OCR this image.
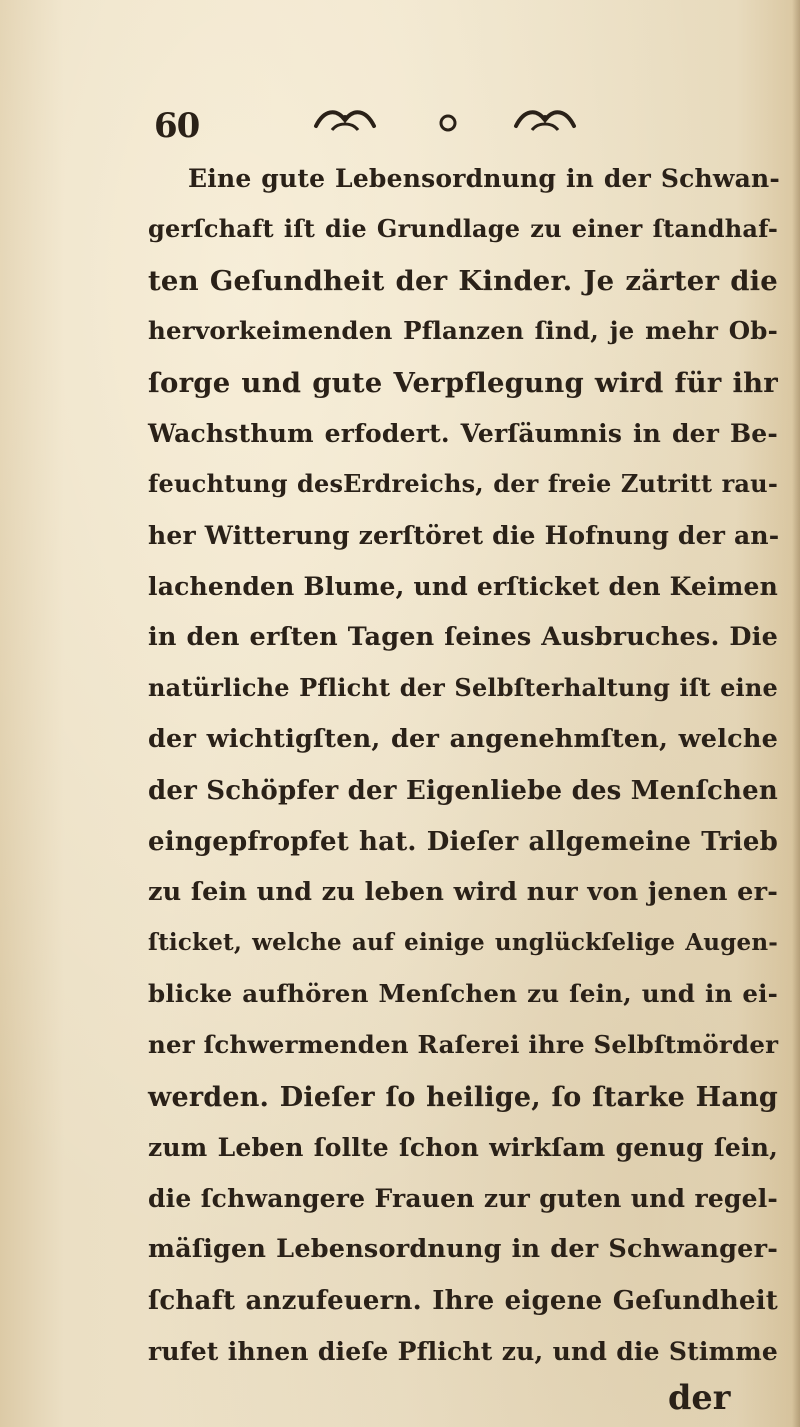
60
Eine gute Lebensordnung in der Schwan-
gerſchaft iſt die Grundlage zu einer ſtandhaf-
ten Geſundheit der Kinder. Je zärter die
hervorkeimenden Pflanzen ſind, je mehr Ob-
ſorge und gute Verpflegung wird für ihr
Wachsthum erfodert. Verſäumnis in der Be-
feuchtung desErdreichs, der freie Zutritt rau-
her Witterung zerſtöret die Hofnung der an-
lachenden Blume, und erſticket den Keimen
in den erſten Tagen ſeines Ausbruches. Die
natürliche Pflicht der Selbſterhaltung iſt eine
der wichtigſten, der angenehmſten, welche
der Schöpfer der Eigenliebe des Menſchen
eingepfropfet hat. Dieſer allgemeine Trieb
zu ſein und zu leben wird nur von jenen er-
ſticket, welche auf einige unglückſelige Augen-
blicke aufhören Menſchen zu ſein, und in ei-
ner ſchwermenden Raſerei ihre Selbſtmörder
werden. Dieſer ſo heilige, ſo ſtarke Hang
zum Leben ſollte ſchon wirkſam genug ſein,
die ſchwangere Frauen zur guten und regel-
mäſigen Lebensordnung in der Schwanger-
ſchaft anzufeuern. Ihre eigene Geſundheit
rufet ihnen dieſe Pflicht zu, und die Stimme
der
